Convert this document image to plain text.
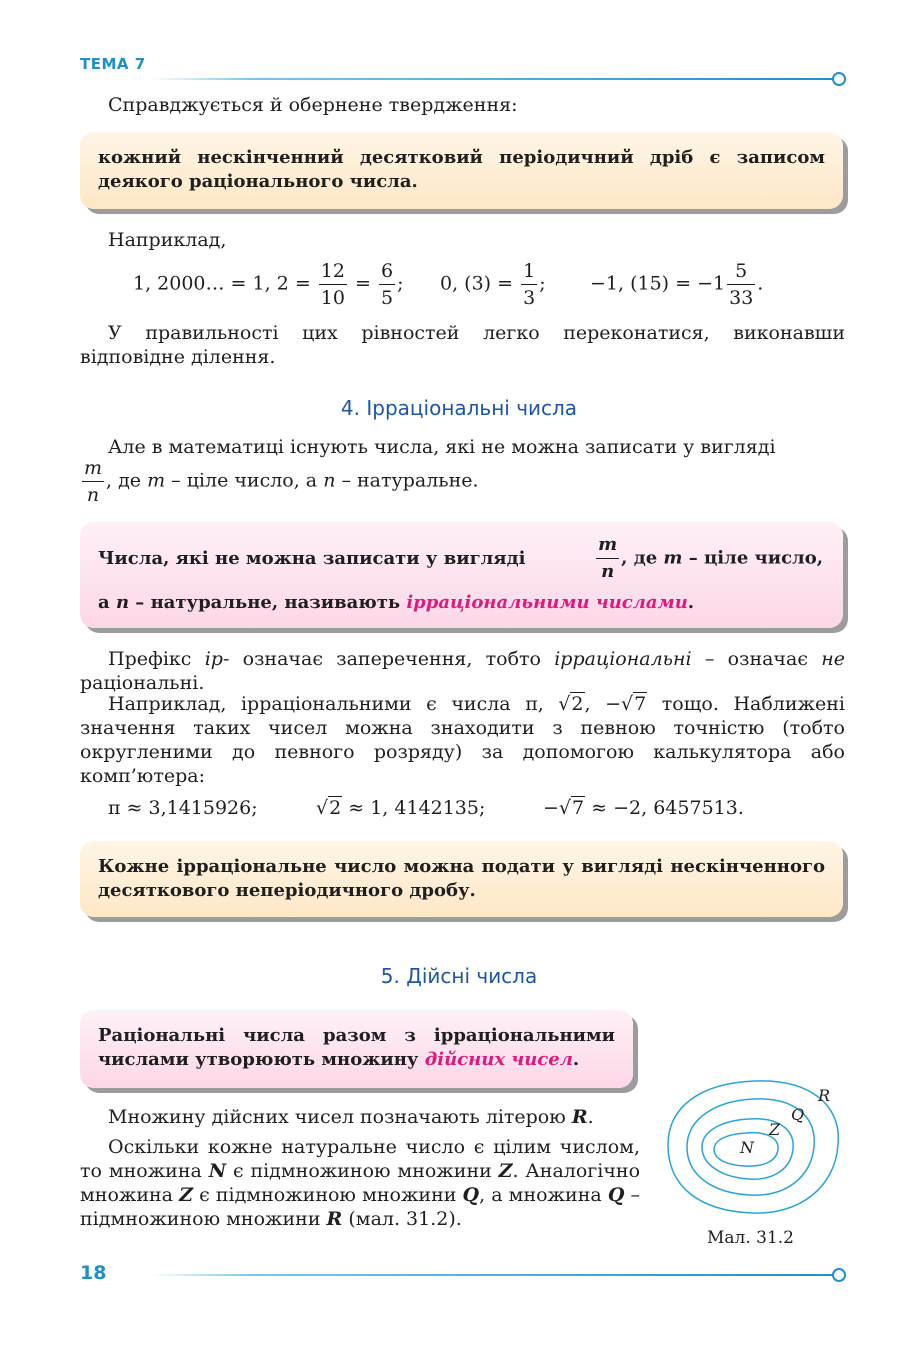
ТЕМА 7
Справджується й обернене твердження:
кожний нескінченний десятковий періодичний дріб є записом деякого раціонального числа.
Наприклад,
1, 2000… = 1, $2 = \frac{12}{10} = \frac{6}{5}$ ; 0, $(3) = \frac{1}{3}$ ; −1, $(15) = -1 \frac{5}{33}$ .
У правильності цих рівностей легко переконатися, виконавши відповідне ділення.
4. Ірраціональні числа
Але в математиці існують числа, які не можна записати у вигляді
$\frac{m}{n}$ , де m – ціле число, а n – натуральне.
Числа, які не можна записати у вигляді	$\frac{m}{n}$ , де m – ціле число,
а n – натуральне, називають ірраціональними числами.
Префікс ір- означає заперечення, тобто ірраціональні – означає не раціональні.
Наприклад, ірраціональними є числа π, √2, −√7 тощо. Наближені значення таких чисел можна знаходити з певною точністю (тобто округленими до певного розряду) за допомогою калькулятора або комп’ютера:
π ≈ 3,1415926;	√2 ≈ 1, 4142135;	−√7 ≈ −2, 6457513.
Кожне ірраціональне число можна подати у вигляді нескінченного десяткового неперіодичного дробу.
5. Дійсні числа
Раціональні числа разом з ірраціональними числами утворюють множину дійсних чисел.
Множину дійсних чисел позначають літерою R.
Оскільки кожне натуральне число є цілим числом, то множина N є підмножиною множини Z. Аналогічно множина Z є підмножиною множини Q, а множина Q – підмножиною множини R (мал. 31.2).
R
Q
Z
N
Мал. 31.2
18
